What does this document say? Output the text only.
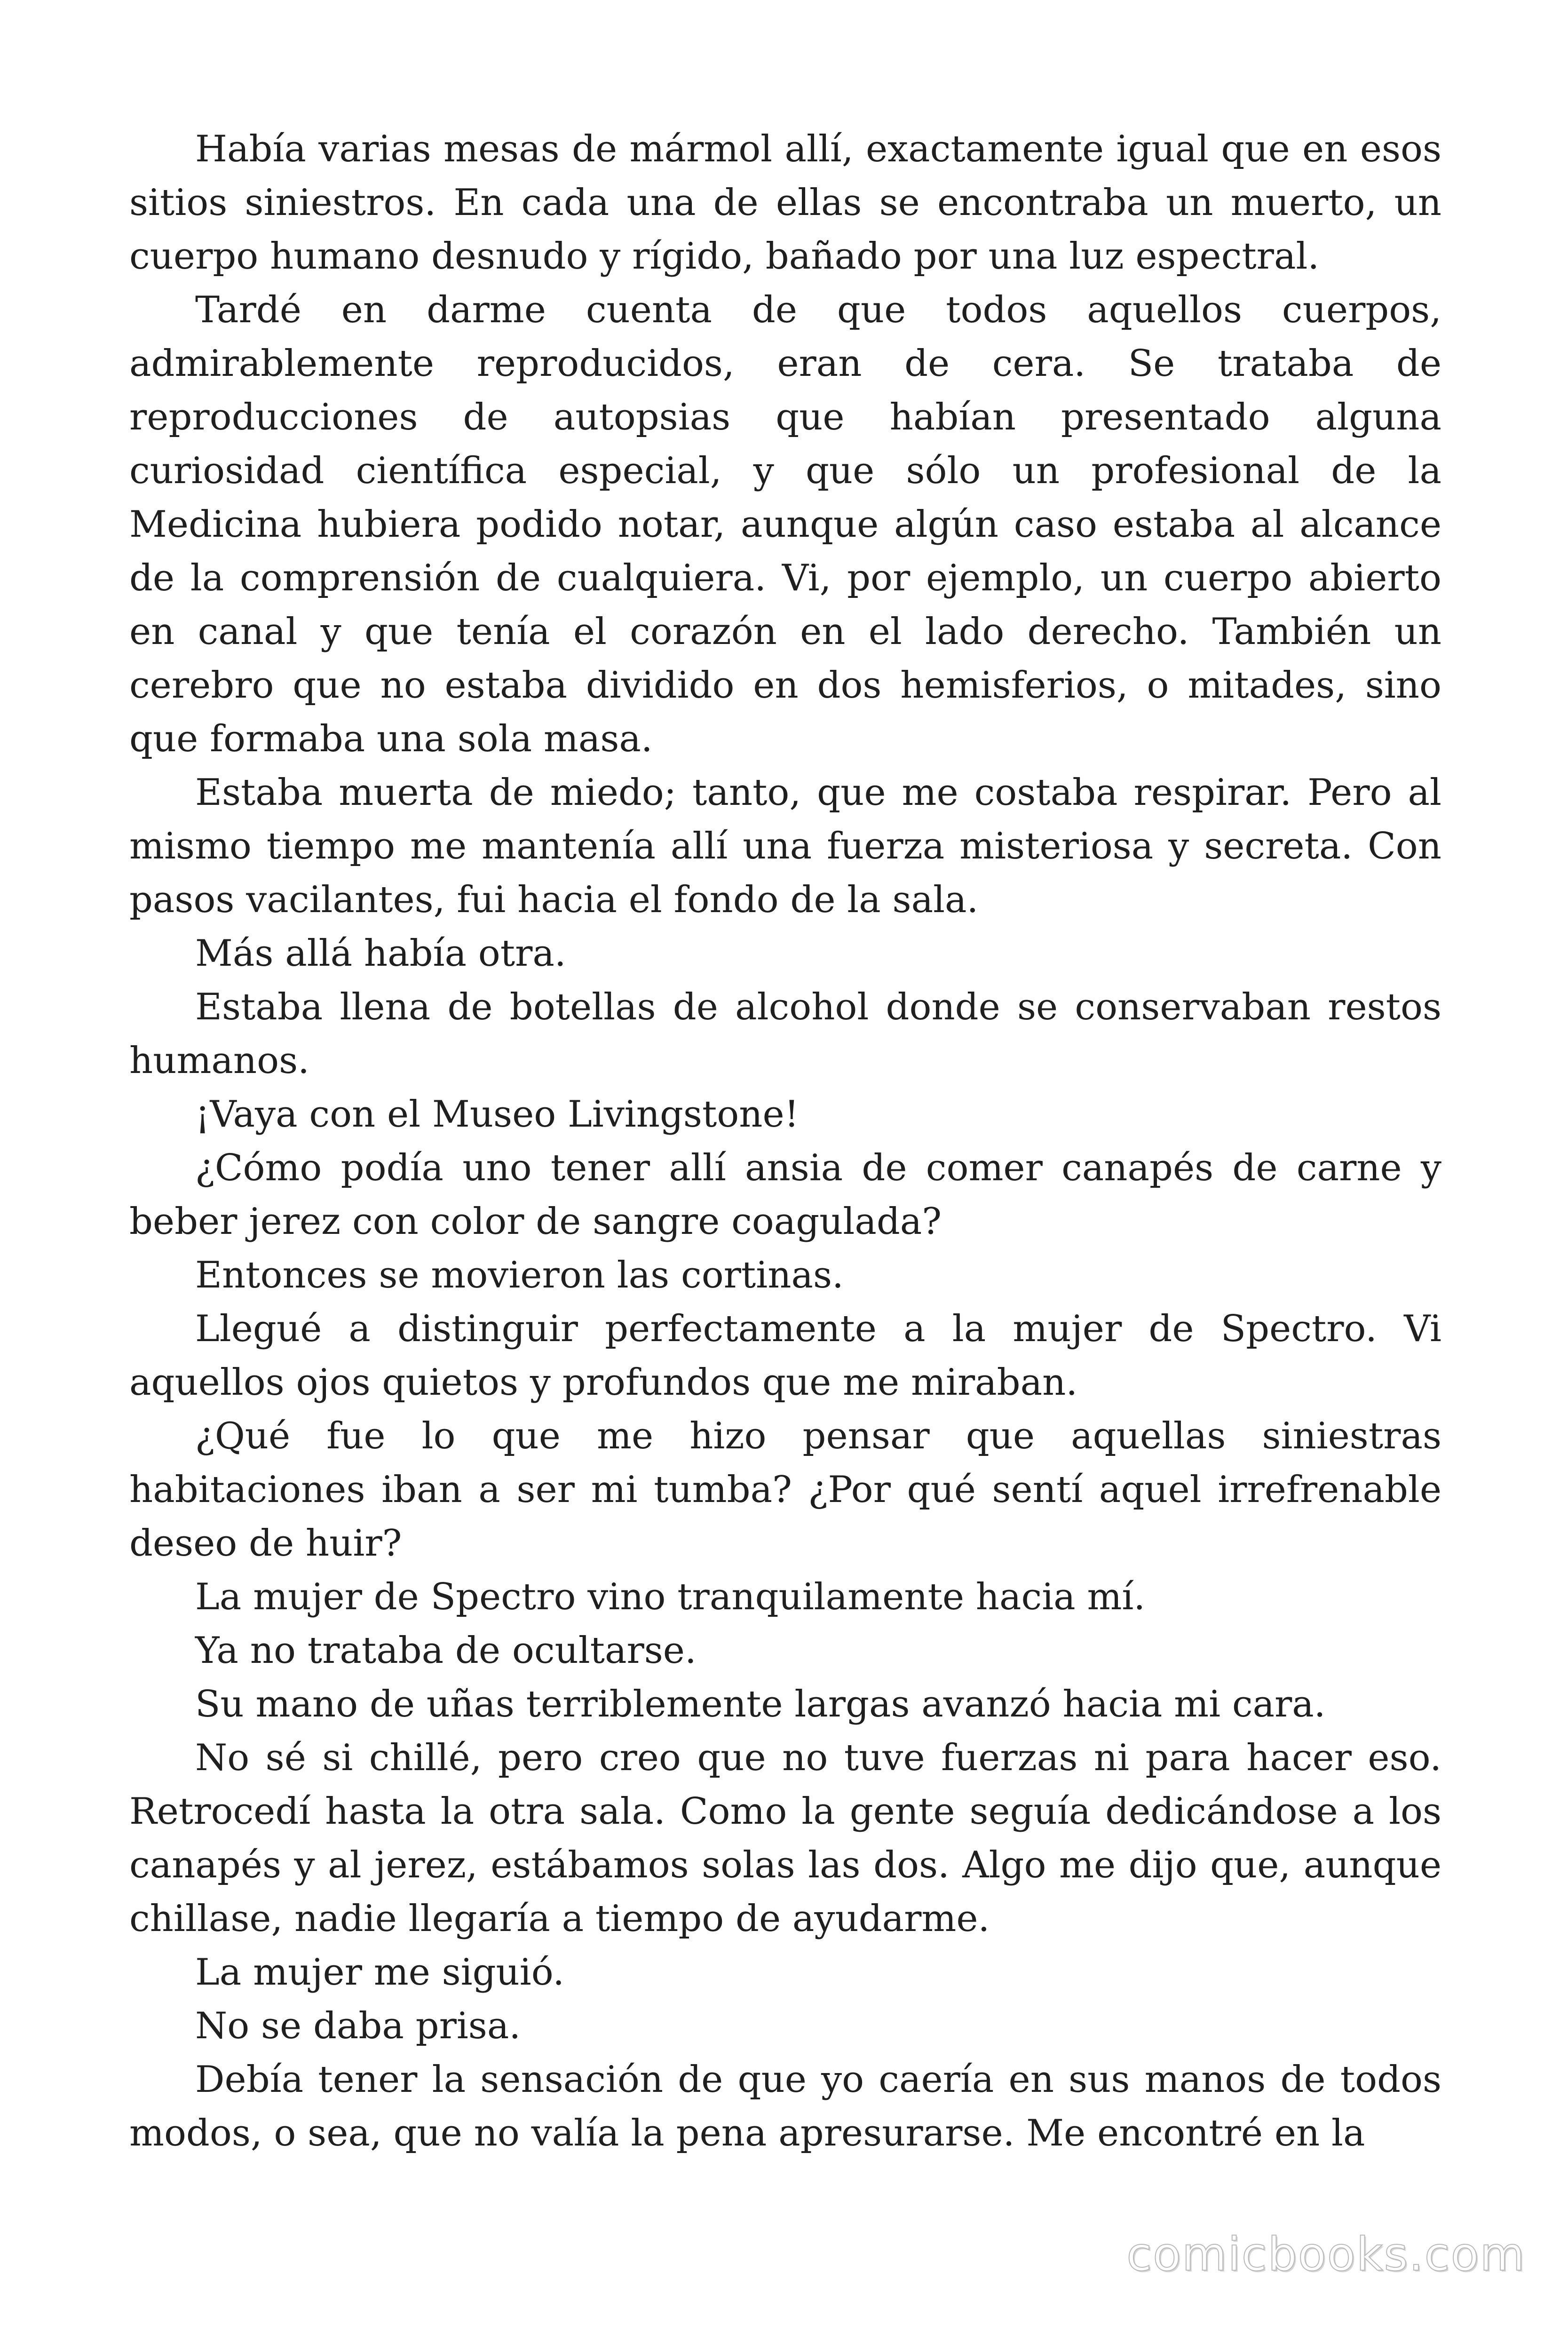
Había varias mesas de mármol allí, exactamente igual que en esos sitios siniestros. En cada una de ellas se encontraba un muerto, un cuerpo humano desnudo y rígido, bañado por una luz espectral.

Tardé en darme cuenta de que todos aquellos cuerpos, admirablemente reproducidos, eran de cera. Se trataba de reproducciones de autopsias que habían presentado alguna curiosidad científica especial, y que sólo un profesional de la Medicina hubiera podido notar, aunque algún caso estaba al alcance de la comprensión de cualquiera. Vi, por ejemplo, un cuerpo abierto en canal y que tenía el corazón en el lado derecho. También un cerebro que no estaba dividido en dos hemisferios, o mitades, sino que formaba una sola masa.

Estaba muerta de miedo; tanto, que me costaba respirar. Pero al mismo tiempo me mantenía allí una fuerza misteriosa y secreta. Con pasos vacilantes, fui hacia el fondo de la sala.

Más allá había otra.

Estaba llena de botellas de alcohol donde se conservaban restos humanos.

¡Vaya con el Museo Livingstone!

¿Cómo podía uno tener allí ansia de comer canapés de carne y beber jerez con color de sangre coagulada?

Entonces se movieron las cortinas.

Llegué a distinguir perfectamente a la mujer de Spectro. Vi aquellos ojos quietos y profundos que me miraban.

¿Qué fue lo que me hizo pensar que aquellas siniestras habitaciones iban a ser mi tumba? ¿Por qué sentí aquel irrefrenable deseo de huir?

La mujer de Spectro vino tranquilamente hacia mí.

Ya no trataba de ocultarse.

Su mano de uñas terriblemente largas avanzó hacia mi cara.

No sé si chillé, pero creo que no tuve fuerzas ni para hacer eso. Retrocedí hasta la otra sala. Como la gente seguía dedicándose a los canapés y al jerez, estábamos solas las dos. Algo me dijo que, aunque chillase, nadie llegaría a tiempo de ayudarme.

La mujer me siguió.

No se daba prisa.

Debía tener la sensación de que yo caería en sus manos de todos modos, o sea, que no valía la pena apresurarse. Me encontré en la

comicbooks.com
